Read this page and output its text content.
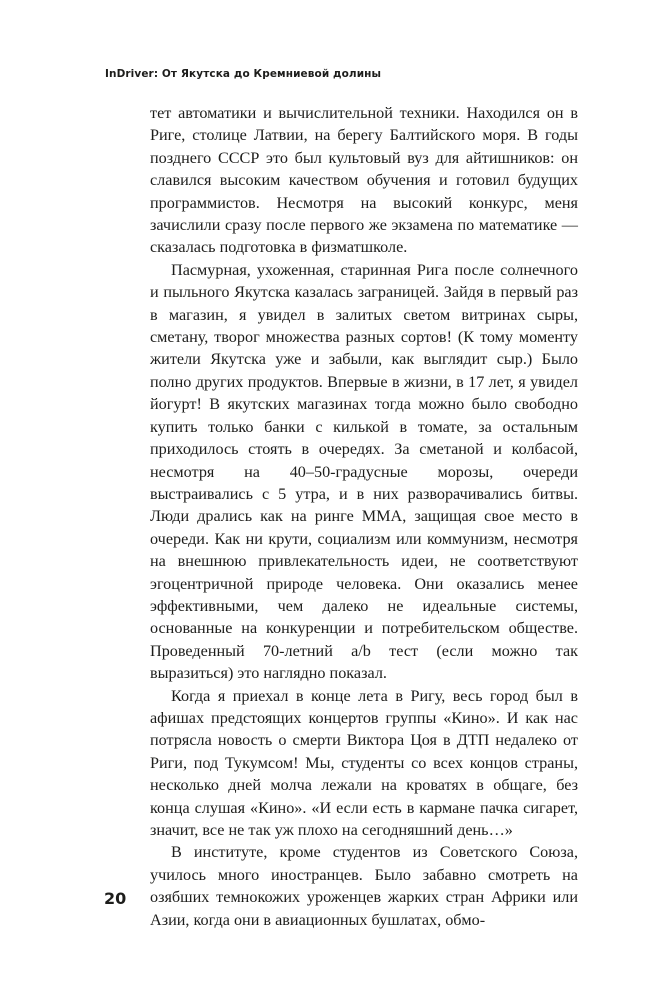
InDriver: От Якутска до Кремниевой долины

тет автоматики и вычислительной техники. Находился он в Риге, столице Латвии, на берегу Балтийского моря. В годы позднего СССР это был культовый вуз для айтишников: он славился высоким качеством обучения и готовил будущих программистов. Несмотря на высокий конкурс, меня зачислили сразу после первого же экзамена по математике — сказалась подготовка в физматшколе.

Пасмурная, ухоженная, старинная Рига после солнечного и пыльного Якутска казалась заграницей. Зайдя в первый раз в магазин, я увидел в залитых светом витринах сыры, сметану, творог множества разных сортов! (К тому моменту жители Якутска уже и забыли, как выглядит сыр.) Было полно других продуктов. Впервые в жизни, в 17 лет, я увидел йогурт! В якутских магазинах тогда можно было свободно купить только банки с килькой в томате, за остальным приходилось стоять в очередях. За сметаной и колбасой, несмотря на 40–50-градусные морозы, очереди выстраивались с 5 утра, и в них разворачивались битвы. Люди дрались как на ринге MMA, защищая свое место в очереди. Как ни крути, социализм или коммунизм, несмотря на внешнюю привлекательность идеи, не соответствуют эгоцентричной природе человека. Они оказались менее эффективными, чем далеко не идеальные системы, основанные на конкуренции и потребительском обществе. Проведенный 70-летний a/b тест (если можно так выразиться) это наглядно показал.

Когда я приехал в конце лета в Ригу, весь город был в афишах предстоящих концертов группы «Кино». И как нас потрясла новость о смерти Виктора Цоя в ДТП недалеко от Риги, под Тукумсом! Мы, студенты со всех концов страны, несколько дней молча лежали на кроватях в общаге, без конца слушая «Кино». «И если есть в кармане пачка сигарет, значит, все не так уж плохо на сегодняшний день…»

В институте, кроме студентов из Советского Союза, училось много иностранцев. Было забавно смотреть на озябших темнокожих уроженцев жарких стран Африки или Азии, когда они в авиационных бушлатах, обмо-

20
